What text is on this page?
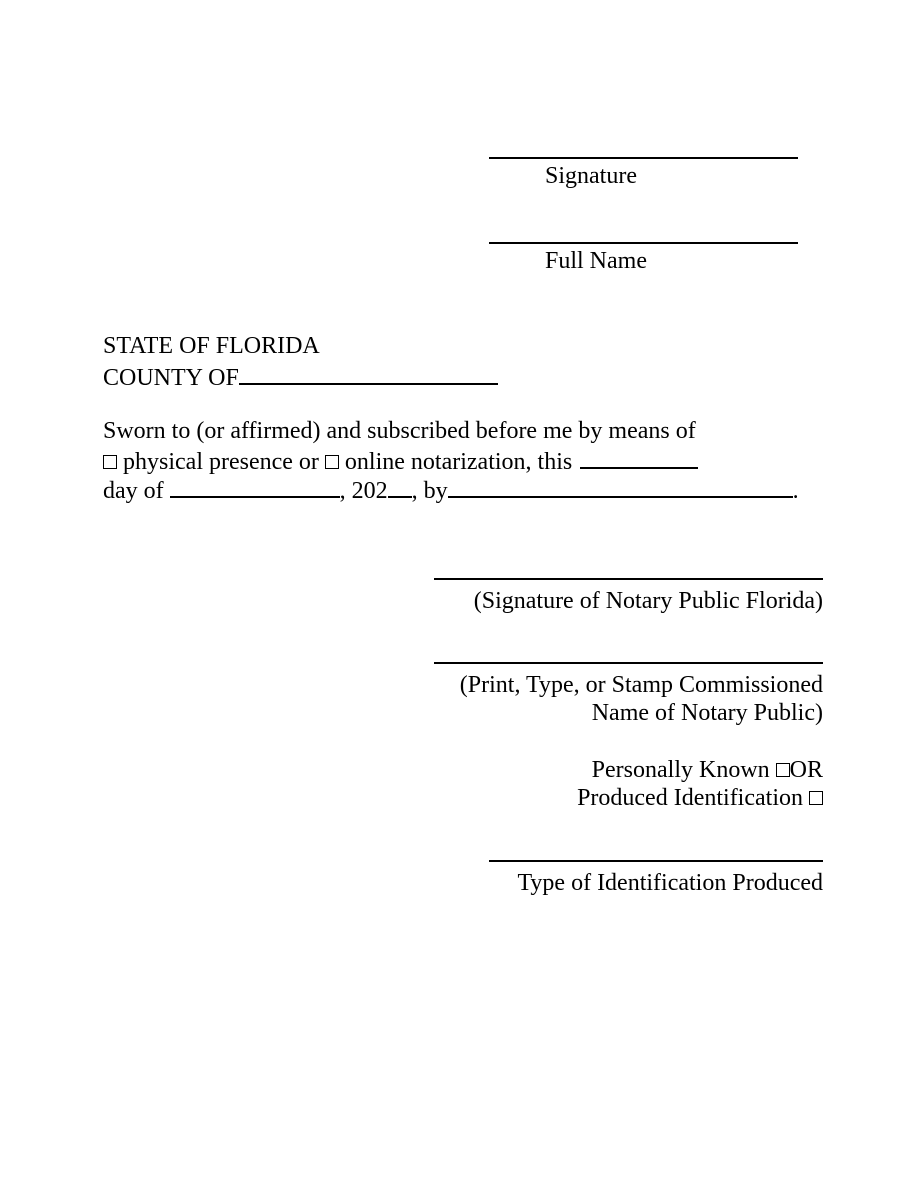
Signature
Full Name
STATE OF FLORIDA
COUNTY OF
Sworn to (or affirmed) and subscribed before me by means of
physical presence or online notarization, this
day of	, 202 , by	.
(Signature of Notary Public Florida)
(Print, Type, or Stamp Commissioned
Name of Notary Public)
Personally Known OR
Produced Identification
Type of Identification Produced
